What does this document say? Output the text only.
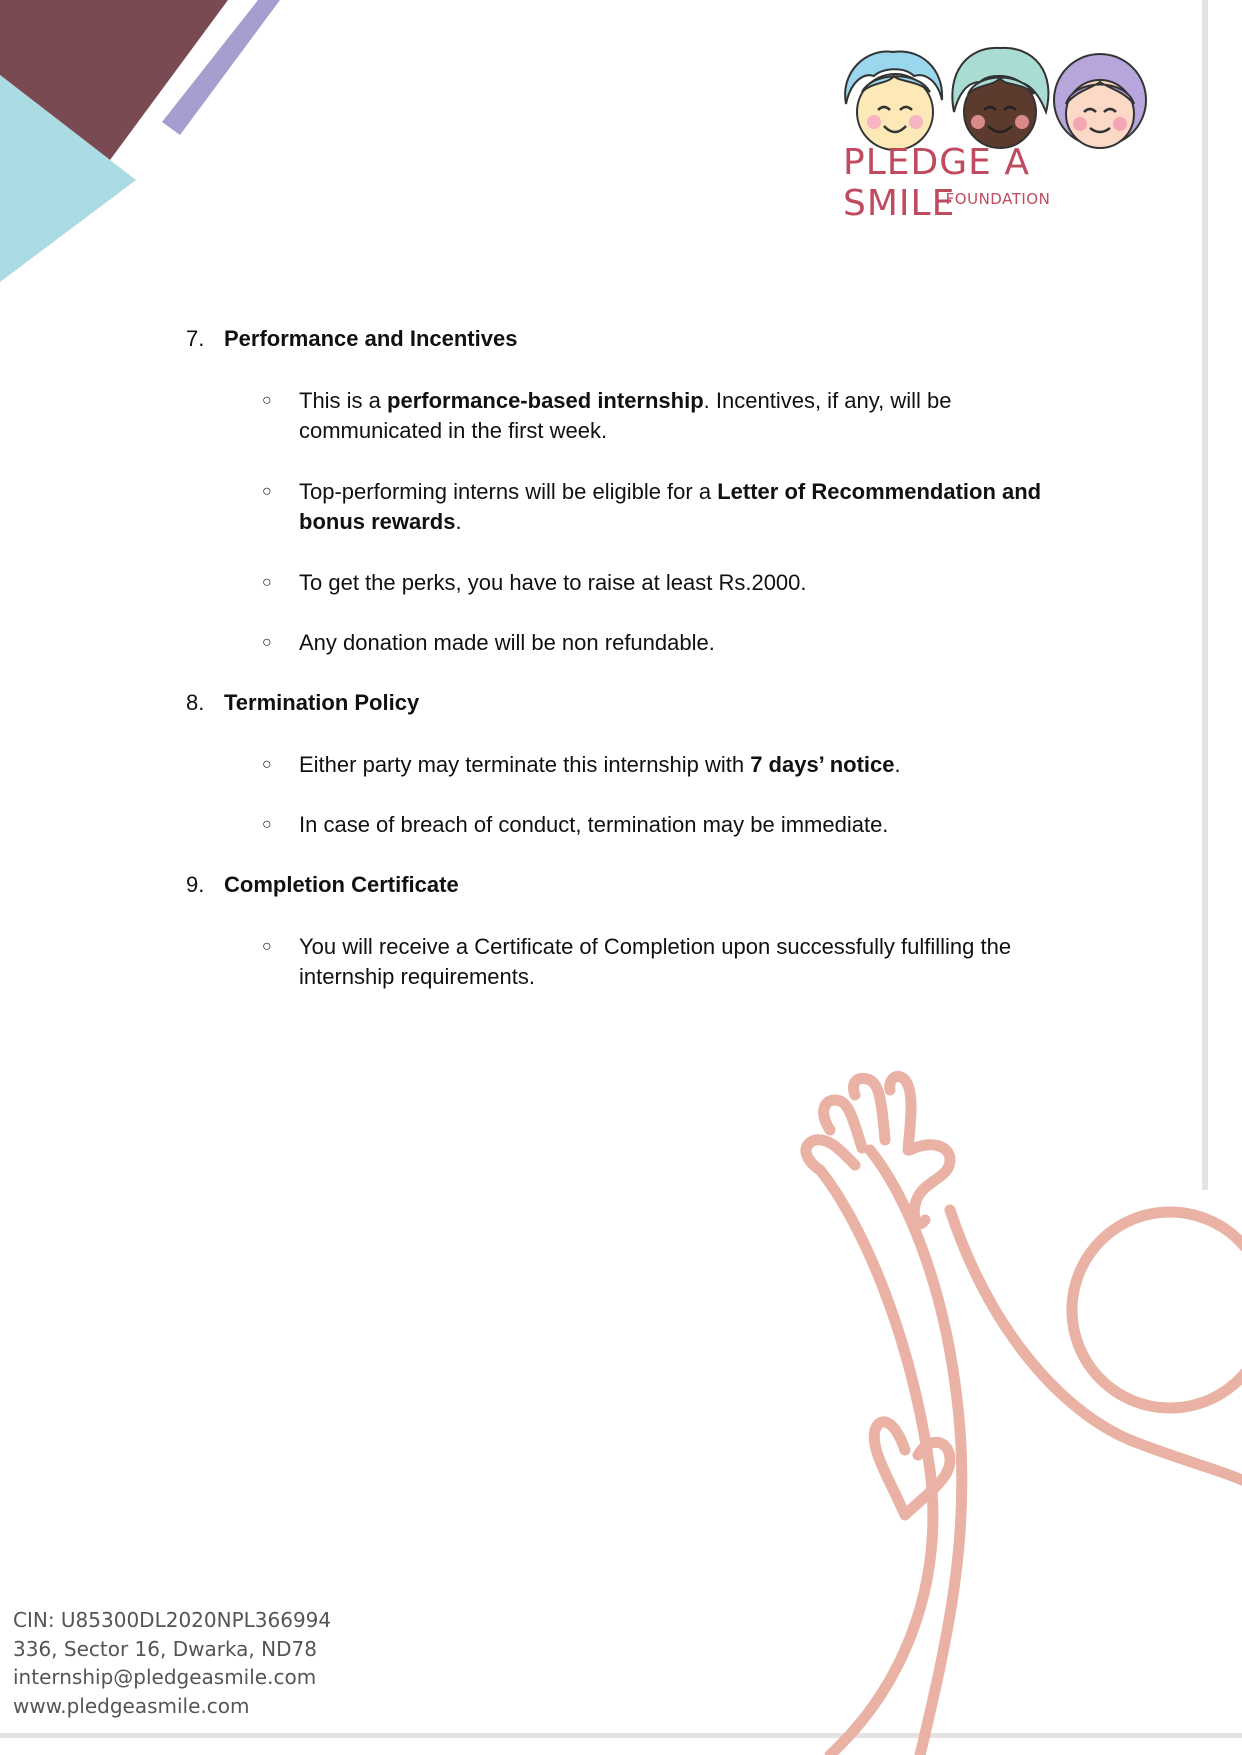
PLEDGE A SMILE
FOUNDATION
7. Performance and Incentives
○ This is a performance-based internship. Incentives, if any, will be communicated in the first week.
○ Top-performing interns will be eligible for a Letter of Recommendation and bonus rewards.
○ To get the perks, you have to raise at least Rs.2000.
○ Any donation made will be non refundable.
8. Termination Policy
○ Either party may terminate this internship with 7 days’ notice.
○ In case of breach of conduct, termination may be immediate.
9. Completion Certificate
○ You will receive a Certificate of Completion upon successfully fulfilling the internship requirements.
CIN: U85300DL2020NPL366994
336, Sector 16, Dwarka, ND78
internship@pledgeasmile.com
www.pledgeasmile.com
